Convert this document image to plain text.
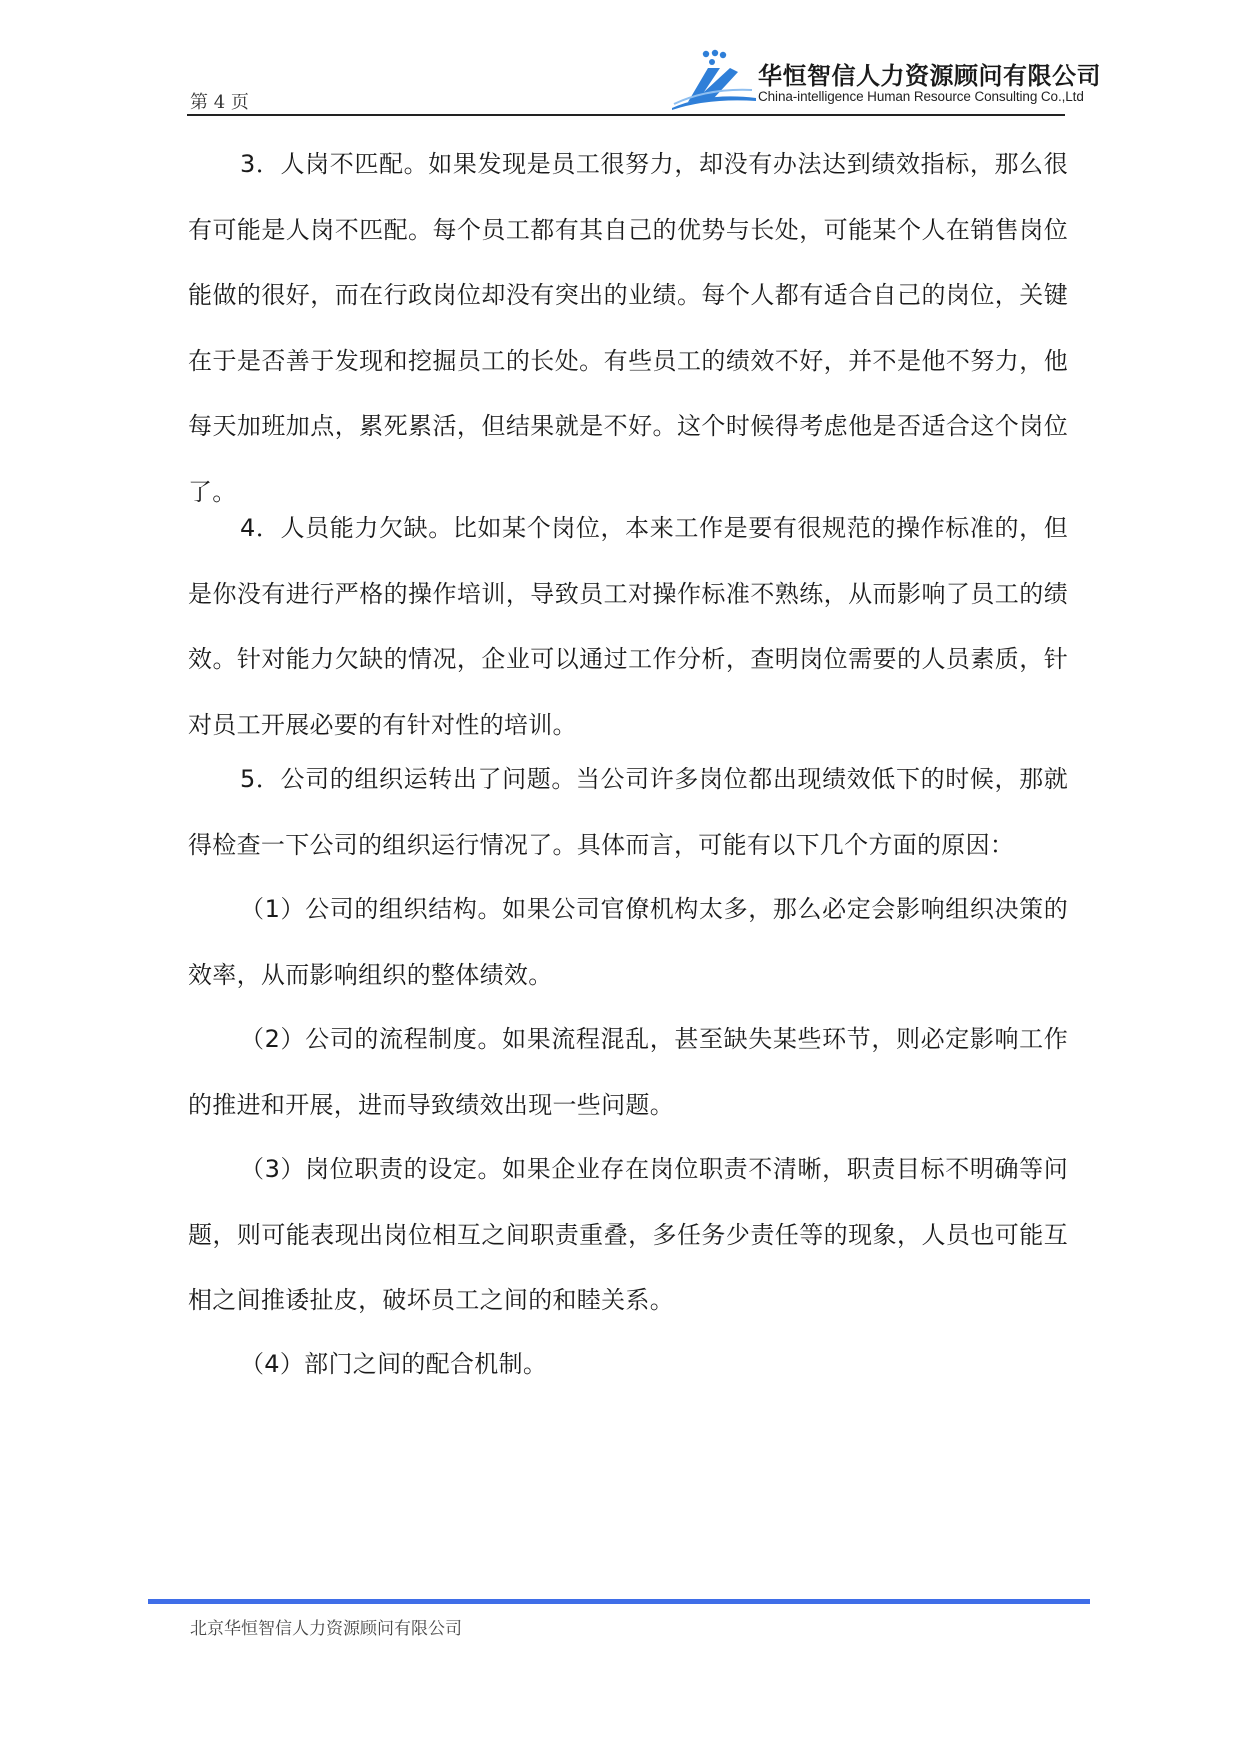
第 4 页
华恒智信人力资源顾问有限公司
China-intelligence Human Resource Consulting Co.,Ltd

3．人岗不匹配。如果发现是员工很努力，却没有办法达到绩效指标，那么很有可能是人岗不匹配。每个员工都有其自己的优势与长处，可能某个人在销售岗位能做的很好，而在行政岗位却没有突出的业绩。每个人都有适合自己的岗位，关键在于是否善于发现和挖掘员工的长处。有些员工的绩效不好，并不是他不努力，他每天加班加点，累死累活，但结果就是不好。这个时候得考虑他是否适合这个岗位了。

4．人员能力欠缺。比如某个岗位，本来工作是要有很规范的操作标准的，但是你没有进行严格的操作培训，导致员工对操作标准不熟练，从而影响了员工的绩效。针对能力欠缺的情况，企业可以通过工作分析，查明岗位需要的人员素质，针对员工开展必要的有针对性的培训。

5．公司的组织运转出了问题。当公司许多岗位都出现绩效低下的时候，那就得检查一下公司的组织运行情况了。具体而言，可能有以下几个方面的原因：

（1）公司的组织结构。如果公司官僚机构太多，那么必定会影响组织决策的效率，从而影响组织的整体绩效。

（2）公司的流程制度。如果流程混乱，甚至缺失某些环节，则必定影响工作的推进和开展，进而导致绩效出现一些问题。

（3）岗位职责的设定。如果企业存在岗位职责不清晰，职责目标不明确等问题，则可能表现出岗位相互之间职责重叠，多任务少责任等的现象，人员也可能互相之间推诿扯皮，破坏员工之间的和睦关系。

（4）部门之间的配合机制。

北京华恒智信人力资源顾问有限公司
